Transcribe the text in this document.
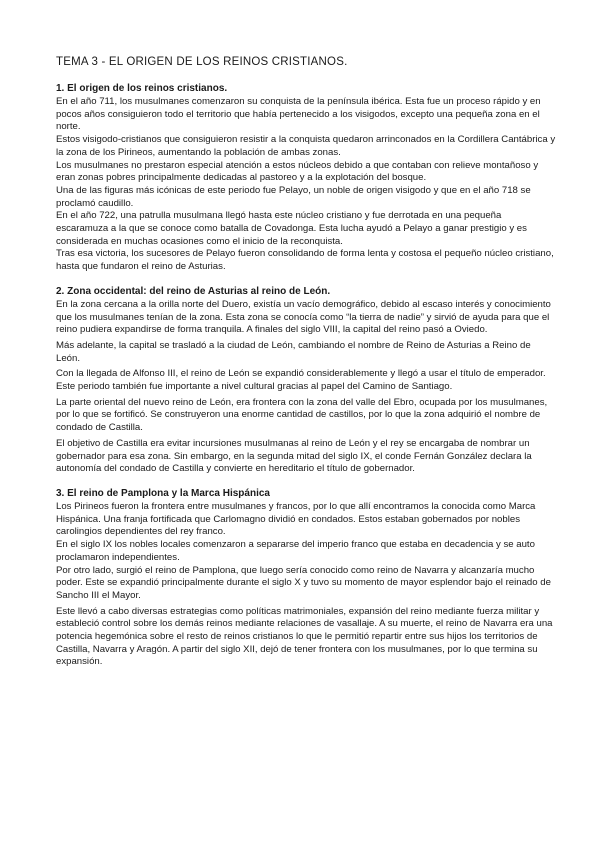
TEMA 3 - EL ORIGEN DE LOS REINOS CRISTIANOS.
1. El origen de los reinos cristianos.

En el año 711, los musulmanes comenzaron su conquista de la península ibérica. Esta fue un proceso rápido y en pocos años consiguieron todo el territorio que había pertenecido a los visigodos, excepto una pequeña zona en el norte.

Estos visigodo-cristianos que consiguieron resistir a la conquista quedaron arrinconados en la Cordillera Cantábrica y la zona de los Pirineos, aumentando la población de ambas zonas.

Los musulmanes no prestaron especial atención a estos núcleos debido a que contaban con relieve montañoso y eran zonas pobres principalmente dedicadas al pastoreo y a la explotación del bosque.

Una de las figuras más icónicas de este periodo fue Pelayo, un noble de origen visigodo y que en el año 718 se proclamó caudillo.

En el año 722, una patrulla musulmana llegó hasta este núcleo cristiano y fue derrotada en una pequeña escaramuza a la que se conoce como batalla de Covadonga. Esta lucha ayudó a Pelayo a ganar prestigio y es considerada en muchas ocasiones como el inicio de la reconquista.

Tras esa victoria, los sucesores de Pelayo fueron consolidando de forma lenta y costosa el pequeño núcleo cristiano, hasta que fundaron el reino de Asturias.

2. Zona occidental: del reino de Asturias al reino de León.

En la zona cercana a la orilla norte del Duero, existía un vacío demográfico, debido al escaso interés y conocimiento que los musulmanes tenían de la zona. Esta zona se conocía como “la tierra de nadie” y sirvió de ayuda para que el reino pudiera expandirse de forma tranquila. A finales del siglo VIII, la capital del reino pasó a Oviedo.

Más adelante, la capital se trasladó a la ciudad de León, cambiando el nombre de Reino de Asturias a Reino de León.

Con la llegada de Alfonso III, el reino de León se expandió considerablemente y llegó a usar el título de emperador. Este periodo también fue importante a nivel cultural gracias al papel del Camino de Santiago.

La parte oriental del nuevo reino de León, era frontera con la zona del valle del Ebro, ocupada por los musulmanes, por lo que se fortificó. Se construyeron una enorme cantidad de castillos, por lo que la zona adquirió el nombre de condado de Castilla.

El objetivo de Castilla era evitar incursiones musulmanas al reino de León y el rey se encargaba de nombrar un gobernador para esa zona. Sin embargo, en la segunda mitad del siglo IX, el conde Fernán González declara la autonomía del condado de Castilla y convierte en hereditario el título de gobernador.

3. El reino de Pamplona y la Marca Hispánica

Los Pirineos fueron la frontera entre musulmanes y francos, por lo que allí encontramos la conocida como Marca Hispánica. Una franja fortificada que Carlomagno dividió en condados. Estos estaban gobernados por nobles carolingios dependientes del rey franco.

En el siglo IX los nobles locales comenzaron a separarse del imperio franco que estaba en decadencia y se auto proclamaron independientes.

Por otro lado, surgió el reino de Pamplona, que luego sería conocido como reino de Navarra y alcanzaría mucho poder. Este se expandió principalmente durante el siglo X y tuvo su momento de mayor esplendor bajo el reinado de Sancho III el Mayor.

Este llevó a cabo diversas estrategias como políticas matrimoniales, expansión del reino mediante fuerza militar y estableció control sobre los demás reinos mediante relaciones de vasallaje. A su muerte, el reino de Navarra era una potencia hegemónica sobre el resto de reinos cristianos lo que le permitió repartir entre sus hijos los territorios de Castilla, Navarra y Aragón. A partir del siglo XII, dejó de tener frontera con los musulmanes, por lo que termina su expansión.
